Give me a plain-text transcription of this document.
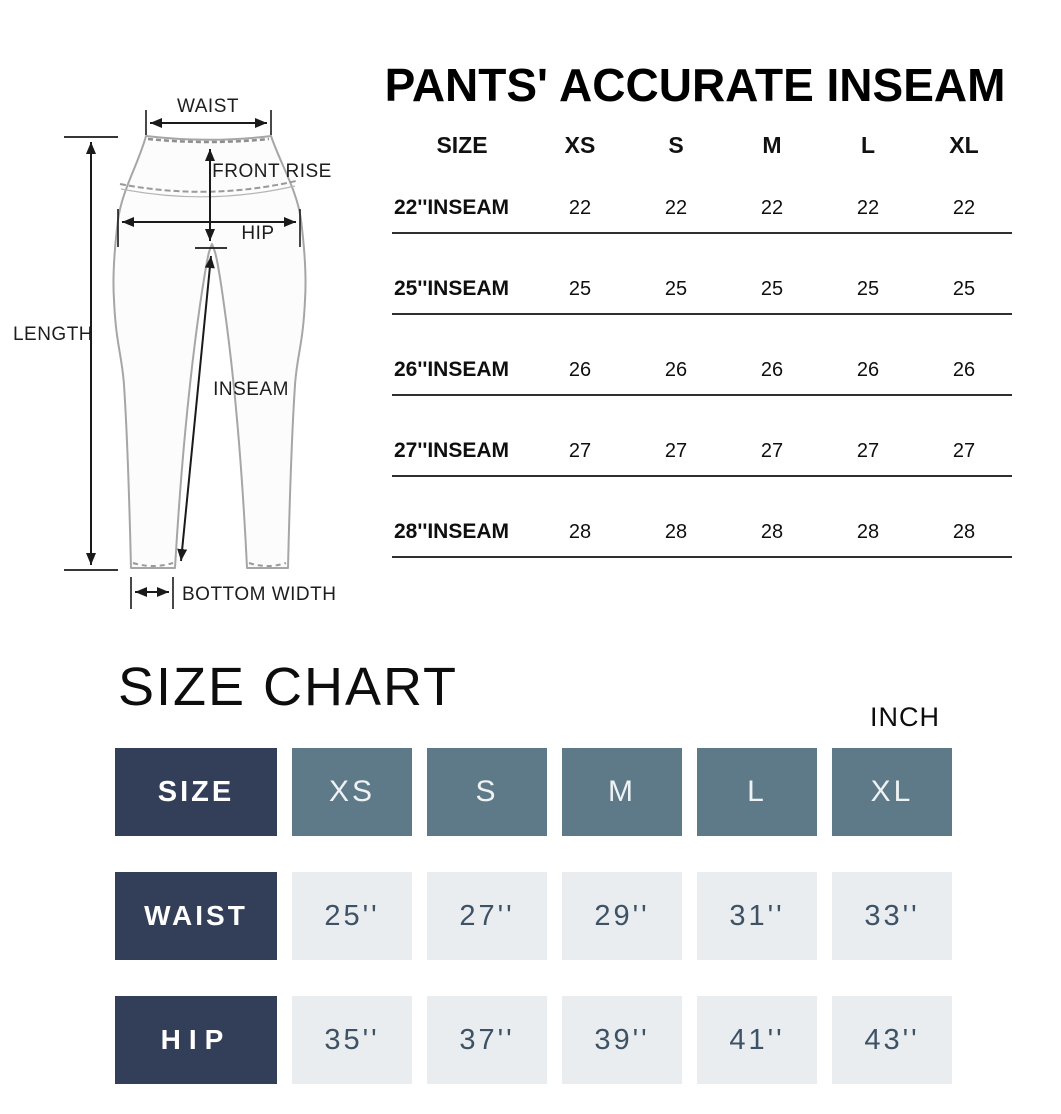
WAIST
FRONT RISE
HIP
LENGTH
INSEAM
BOTTOM WIDTH
PANTS' ACCURATE INSEAM
SIZE	XS	S	M	L	XL
22''INSEAM	22	22	22	22	22
25''INSEAM	25	25	25	25	25
26''INSEAM	26	26	26	26	26
27''INSEAM	27	27	27	27	27
28''INSEAM	28	28	28	28	28
SIZE CHART	INCH
SIZE	XS	S	M	L	XL
WAIST	25''	27''	29''	31''	33''
HIP	35''	37''	39''	41''	43''
